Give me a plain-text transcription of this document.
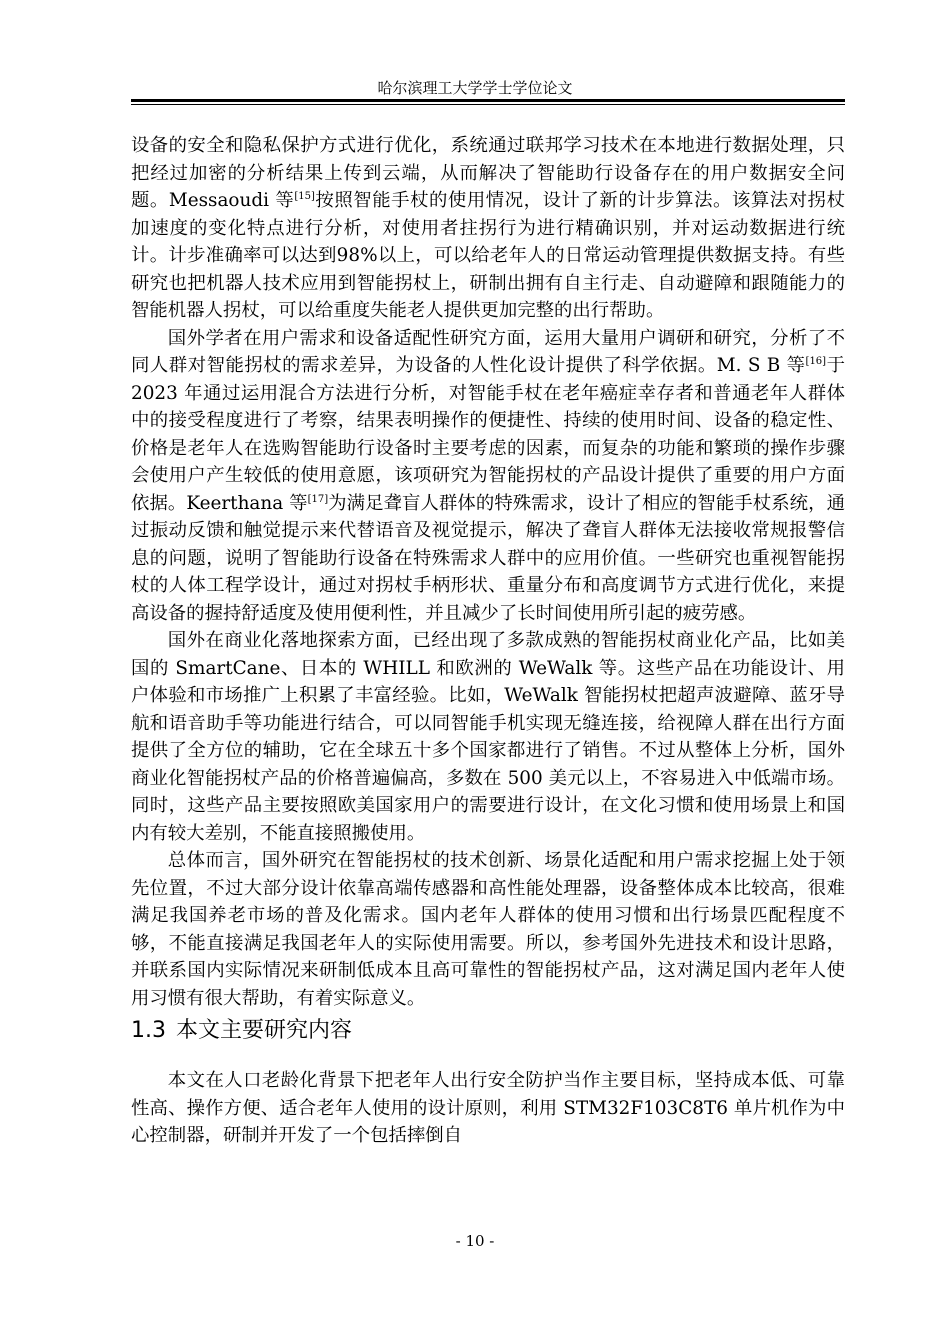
哈尔滨理工大学学士学位论文

设备的安全和隐私保护方式进行优化，系统通过联邦学习技术在本地进行数据处理，只把经过加密的分析结果上传到云端，从而解决了智能助行设备存在的用户数据安全问题。Messaoudi 等[15]按照智能手杖的使用情况，设计了新的计步算法。该算法对拐杖加速度的变化特点进行分析，对使用者拄拐行为进行精确识别，并对运动数据进行统计。计步准确率可以达到98%以上，可以给老年人的日常运动管理提供数据支持。有些研究也把机器人技术应用到智能拐杖上，研制出拥有自主行走、自动避障和跟随能力的智能机器人拐杖，可以给重度失能老人提供更加完整的出行帮助。

国外学者在用户需求和设备适配性研究方面，运用大量用户调研和研究，分析了不同人群对智能拐杖的需求差异，为设备的人性化设计提供了科学依据。M. S B 等[16]于 2023 年通过运用混合方法进行分析，对智能手杖在老年癌症幸存者和普通老年人群体中的接受程度进行了考察，结果表明操作的便捷性、持续的使用时间、设备的稳定性、价格是老年人在选购智能助行设备时主要考虑的因素，而复杂的功能和繁琐的操作步骤会使用户产生较低的使用意愿，该项研究为智能拐杖的产品设计提供了重要的用户方面依据。Keerthana 等[17]为满足聋盲人群体的特殊需求，设计了相应的智能手杖系统，通过振动反馈和触觉提示来代替语音及视觉提示，解决了聋盲人群体无法接收常规报警信息的问题，说明了智能助行设备在特殊需求人群中的应用价值。一些研究也重视智能拐杖的人体工程学设计，通过对拐杖手柄形状、重量分布和高度调节方式进行优化，来提高设备的握持舒适度及使用便利性，并且减少了长时间使用所引起的疲劳感。

国外在商业化落地探索方面，已经出现了多款成熟的智能拐杖商业化产品，比如美国的 SmartCane、日本的 WHILL 和欧洲的 WeWalk 等。这些产品在功能设计、用户体验和市场推广上积累了丰富经验。比如，WeWalk 智能拐杖把超声波避障、蓝牙导航和语音助手等功能进行结合，可以同智能手机实现无缝连接，给视障人群在出行方面提供了全方位的辅助，它在全球五十多个国家都进行了销售。不过从整体上分析，国外商业化智能拐杖产品的价格普遍偏高，多数在 500 美元以上，不容易进入中低端市场。同时，这些产品主要按照欧美国家用户的需要进行设计，在文化习惯和使用场景上和国内有较大差别，不能直接照搬使用。

总体而言，国外研究在智能拐杖的技术创新、场景化适配和用户需求挖掘上处于领先位置，不过大部分设计依靠高端传感器和高性能处理器，设备整体成本比较高，很难满足我国养老市场的普及化需求。国内老年人群体的使用习惯和出行场景匹配程度不够，不能直接满足我国老年人的实际使用需要。所以，参考国外先进技术和设计思路，并联系国内实际情况来研制低成本且高可靠性的智能拐杖产品，这对满足国内老年人使用习惯有很大帮助，有着实际意义。

1.3 本文主要研究内容

本文在人口老龄化背景下把老年人出行安全防护当作主要目标，坚持成本低、可靠性高、操作方便、适合老年人使用的设计原则，利用 STM32F103C8T6 单片机作为中心控制器，研制并开发了一个包括摔倒自

- 10 -
